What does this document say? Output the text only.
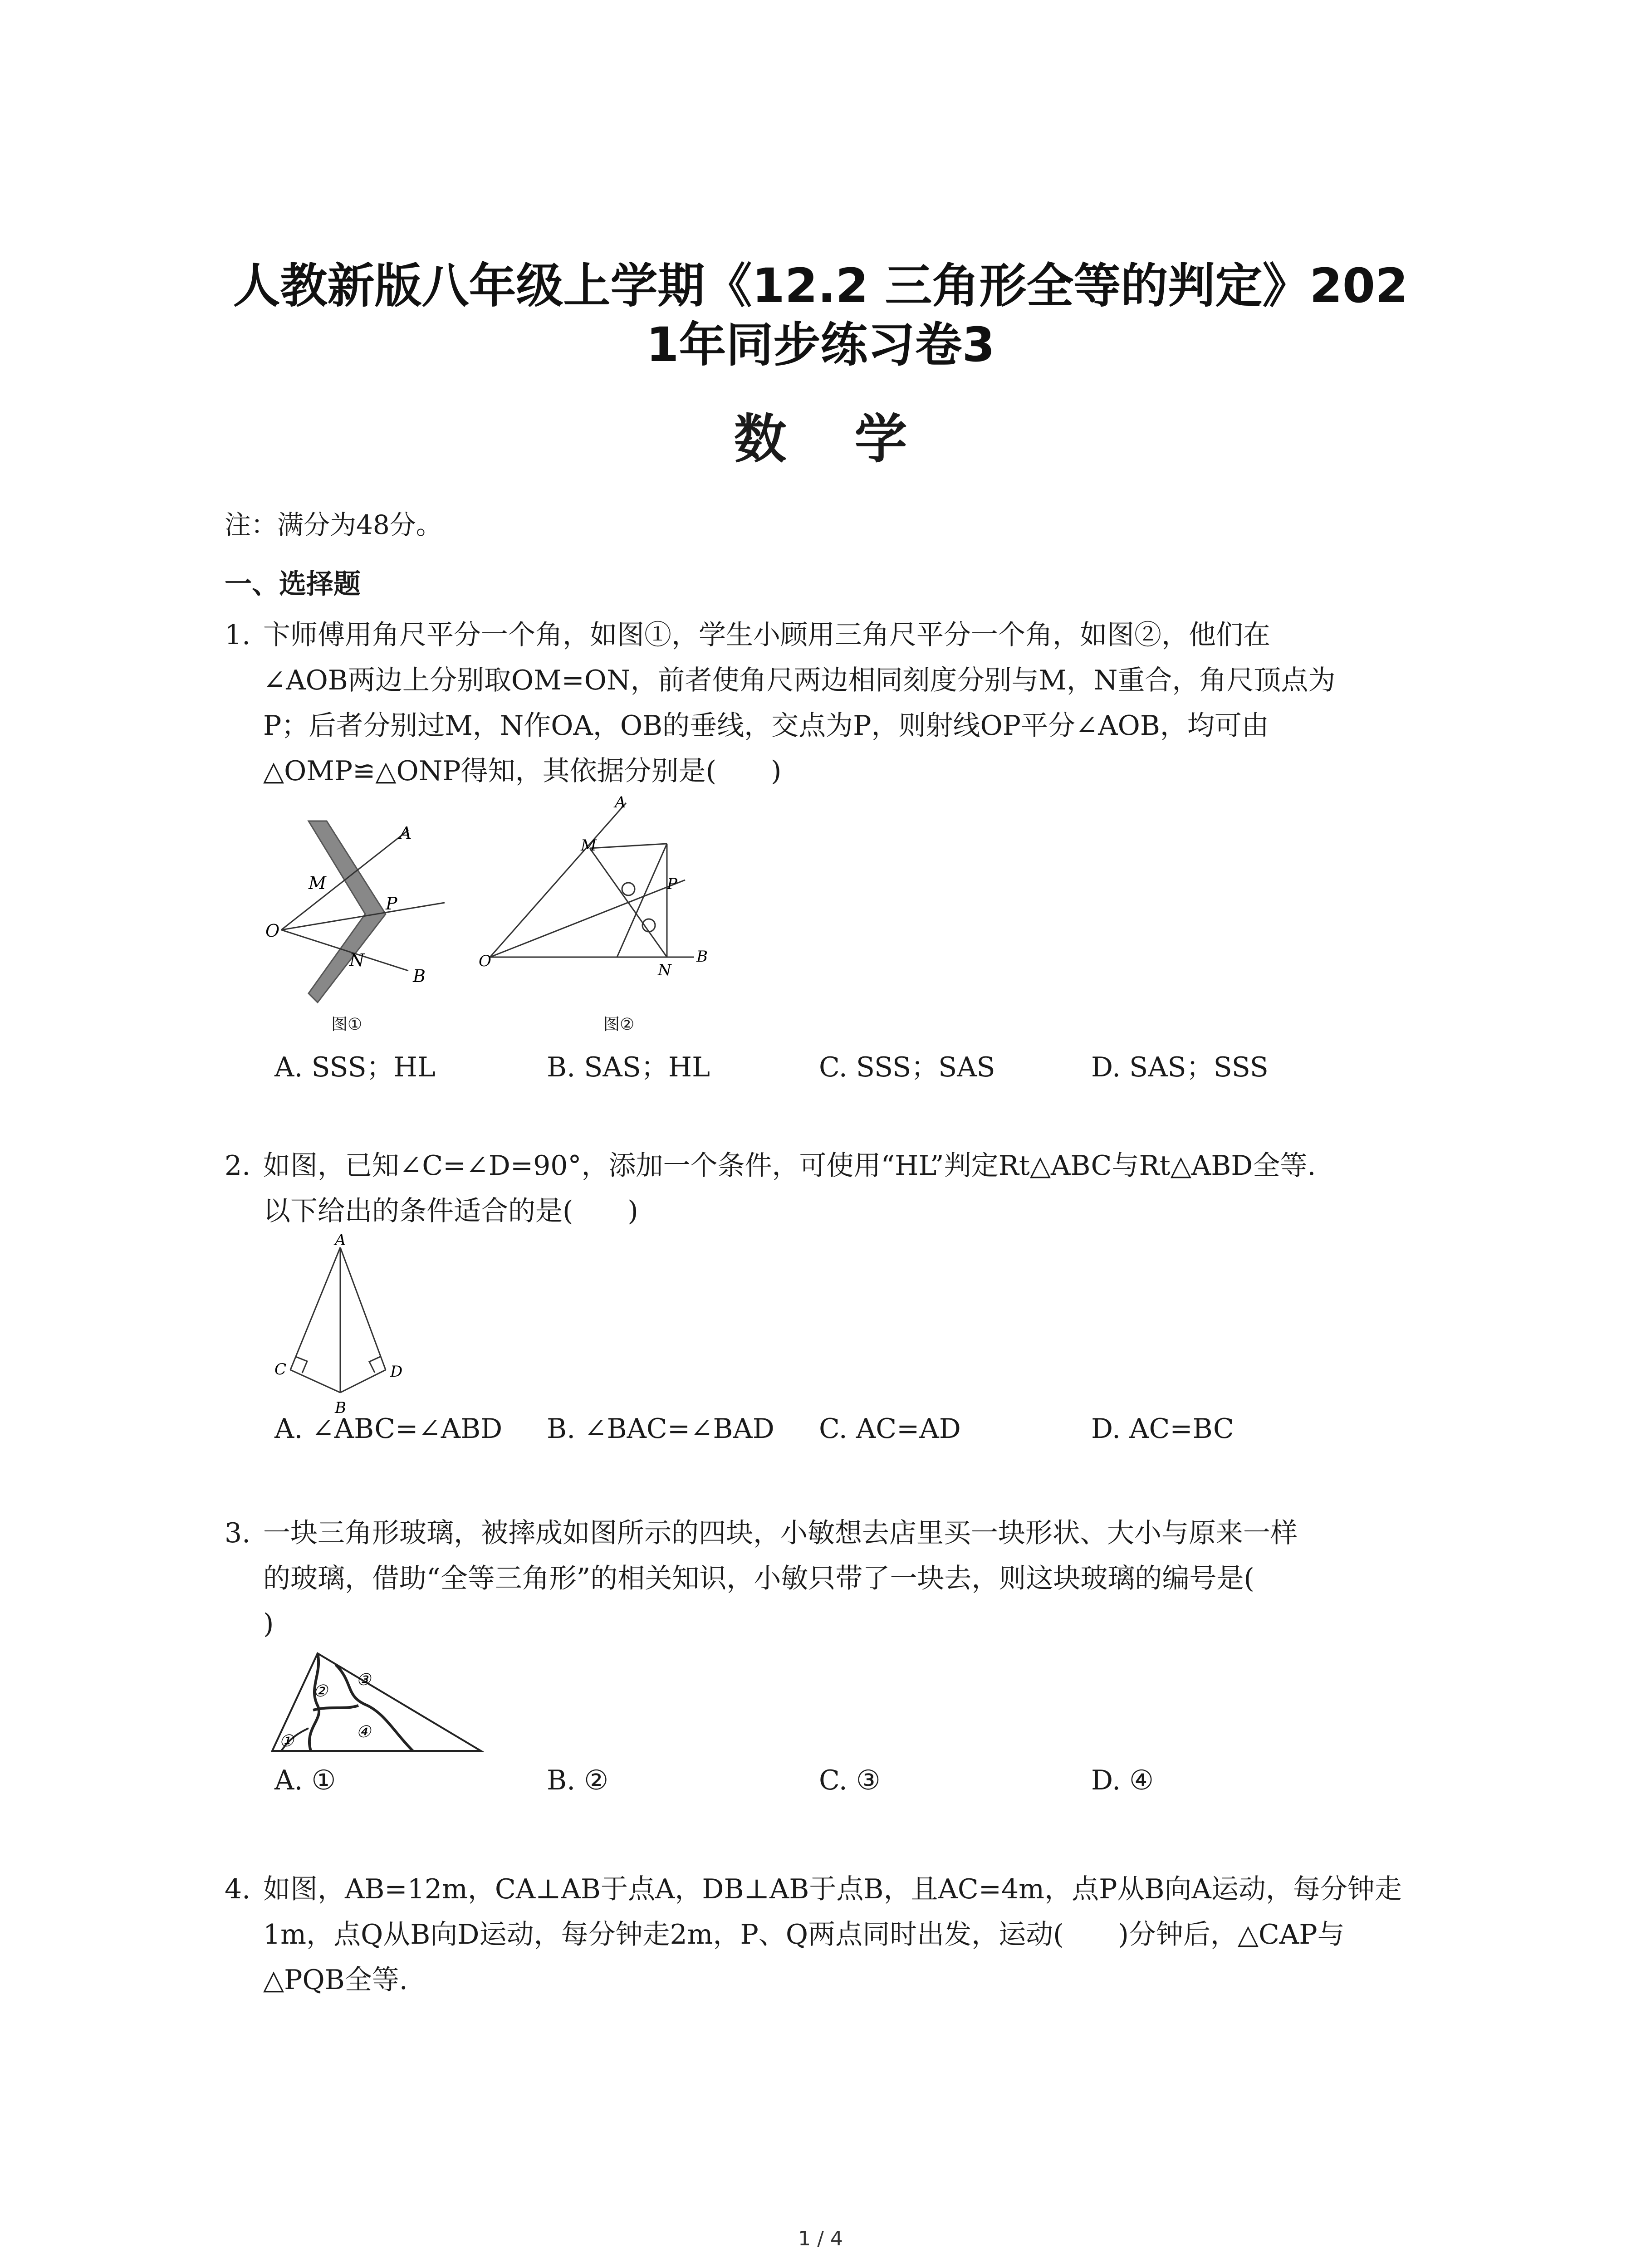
人教新版八年级上学期《12.2 三角形全等的判定》202
1年同步练习卷3
数学
注：满分为48分。
一、选择题
1. 卞师傅用角尺平分一个角，如图①，学生小顾用三角尺平分一个角，如图②，他们在
∠AOB两边上分别取OM=ON，前者使角尺两边相同刻度分别与M，N重合，角尺顶点为
P；后者分别过M，N作OA，OB的垂线，交点为P，则射线OP平分∠AOB，均可由
△OMP≌△ONP得知，其依据分别是(　　)
M
A
P
O
N
B
图①
A
M
P
O	N
B
图②
A. SSS；HL	B. SAS；HL	C. SSS；SAS	D. SAS；SSS
2. 如图，已知∠C=∠D=90°，添加一个条件，可使用“HL”判定Rt△ABC与Rt△ABD全等.
以下给出的条件适合的是(　　)
A
C	D
B
A. ∠ABC=∠ABD B. ∠BAC=∠BAD C. AC=AD	D. AC=BC
3. 一块三角形玻璃，被摔成如图所示的四块，小敏想去店里买一块形状、大小与原来一样
的玻璃，借助“全等三角形”的相关知识，小敏只带了一块去，则这块玻璃的编号是(
)
①
②
③
④
A. ①	B. ②	C. ③	D. ④
4. 如图，AB=12m，CA⊥AB于点A，DB⊥AB于点B，且AC=4m，点P从B向A运动，每分钟走
1m，点Q从B向D运动，每分钟走2m，P、Q两点同时出发，运动(　　)分钟后，△CAP与
△PQB全等.
1 / 4
